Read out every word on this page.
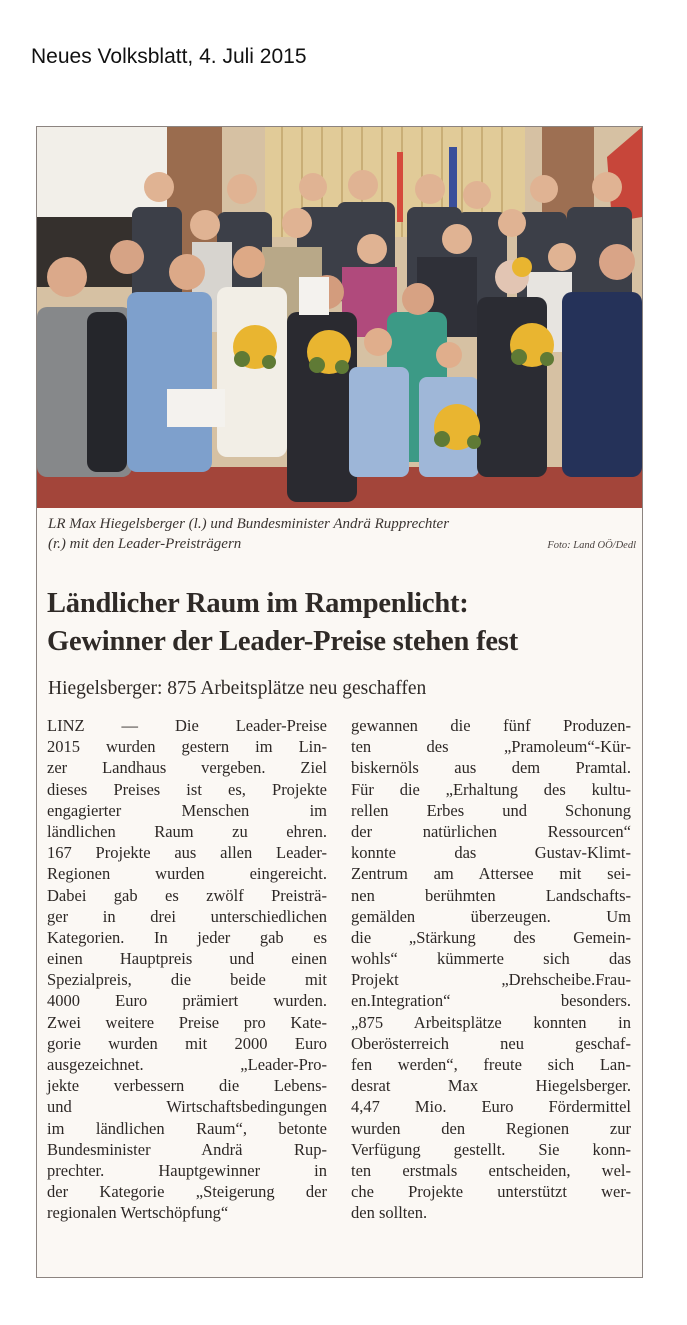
Neues Volksblatt, 4. Juli 2015
LR Max Hiegelsberger (l.) und Bundesminister Andrä Rupprechter
(r.) mit den Leader-Preisträgern	Foto: Land OÖ/Dedl
Ländlicher Raum im Rampenlicht:
Gewinner der Leader-Preise stehen fest
Hiegelsberger: 875 Arbeitsplätze neu geschaffen
LINZ — Die Leader-Preise
2015 wurden gestern im Lin-
zer Landhaus vergeben. Ziel
dieses Preises ist es, Projekte
engagierter Menschen im
ländlichen Raum zu ehren.
167 Projekte aus allen Leader-
Regionen wurden eingereicht.
Dabei gab es zwölf Preisträ-
ger in drei unterschiedlichen
Kategorien. In jeder gab es
einen Hauptpreis und einen
Spezialpreis, die beide mit
4000 Euro prämiert wurden.
Zwei weitere Preise pro Kate-
gorie wurden mit 2000 Euro
ausgezeichnet. „Leader-Pro-
jekte verbessern die Lebens-
und Wirtschaftsbedingungen
im ländlichen Raum“, betonte
Bundesminister Andrä Rup-
prechter. Hauptgewinner in
der Kategorie „Steigerung der
regionalen Wertschöpfung“
gewannen die fünf Produzen-
ten des „Pramoleum“-Kür-
biskernöls aus dem Pramtal.
Für die „Erhaltung des kultu-
rellen Erbes und Schonung
der natürlichen Ressourcen“
konnte das Gustav-Klimt-
Zentrum am Attersee mit sei-
nen berühmten Landschafts-
gemälden überzeugen. Um
die „Stärkung des Gemein-
wohls“ kümmerte sich das
Projekt „Drehscheibe.Frau-
en.Integration“ besonders.
„875 Arbeitsplätze konnten in
Oberösterreich neu geschaf-
fen werden“, freute sich Lan-
desrat Max Hiegelsberger.
4,47 Mio. Euro Fördermittel
wurden den Regionen zur
Verfügung gestellt. Sie konn-
ten erstmals entscheiden, wel-
che Projekte unterstützt wer-
den sollten.
